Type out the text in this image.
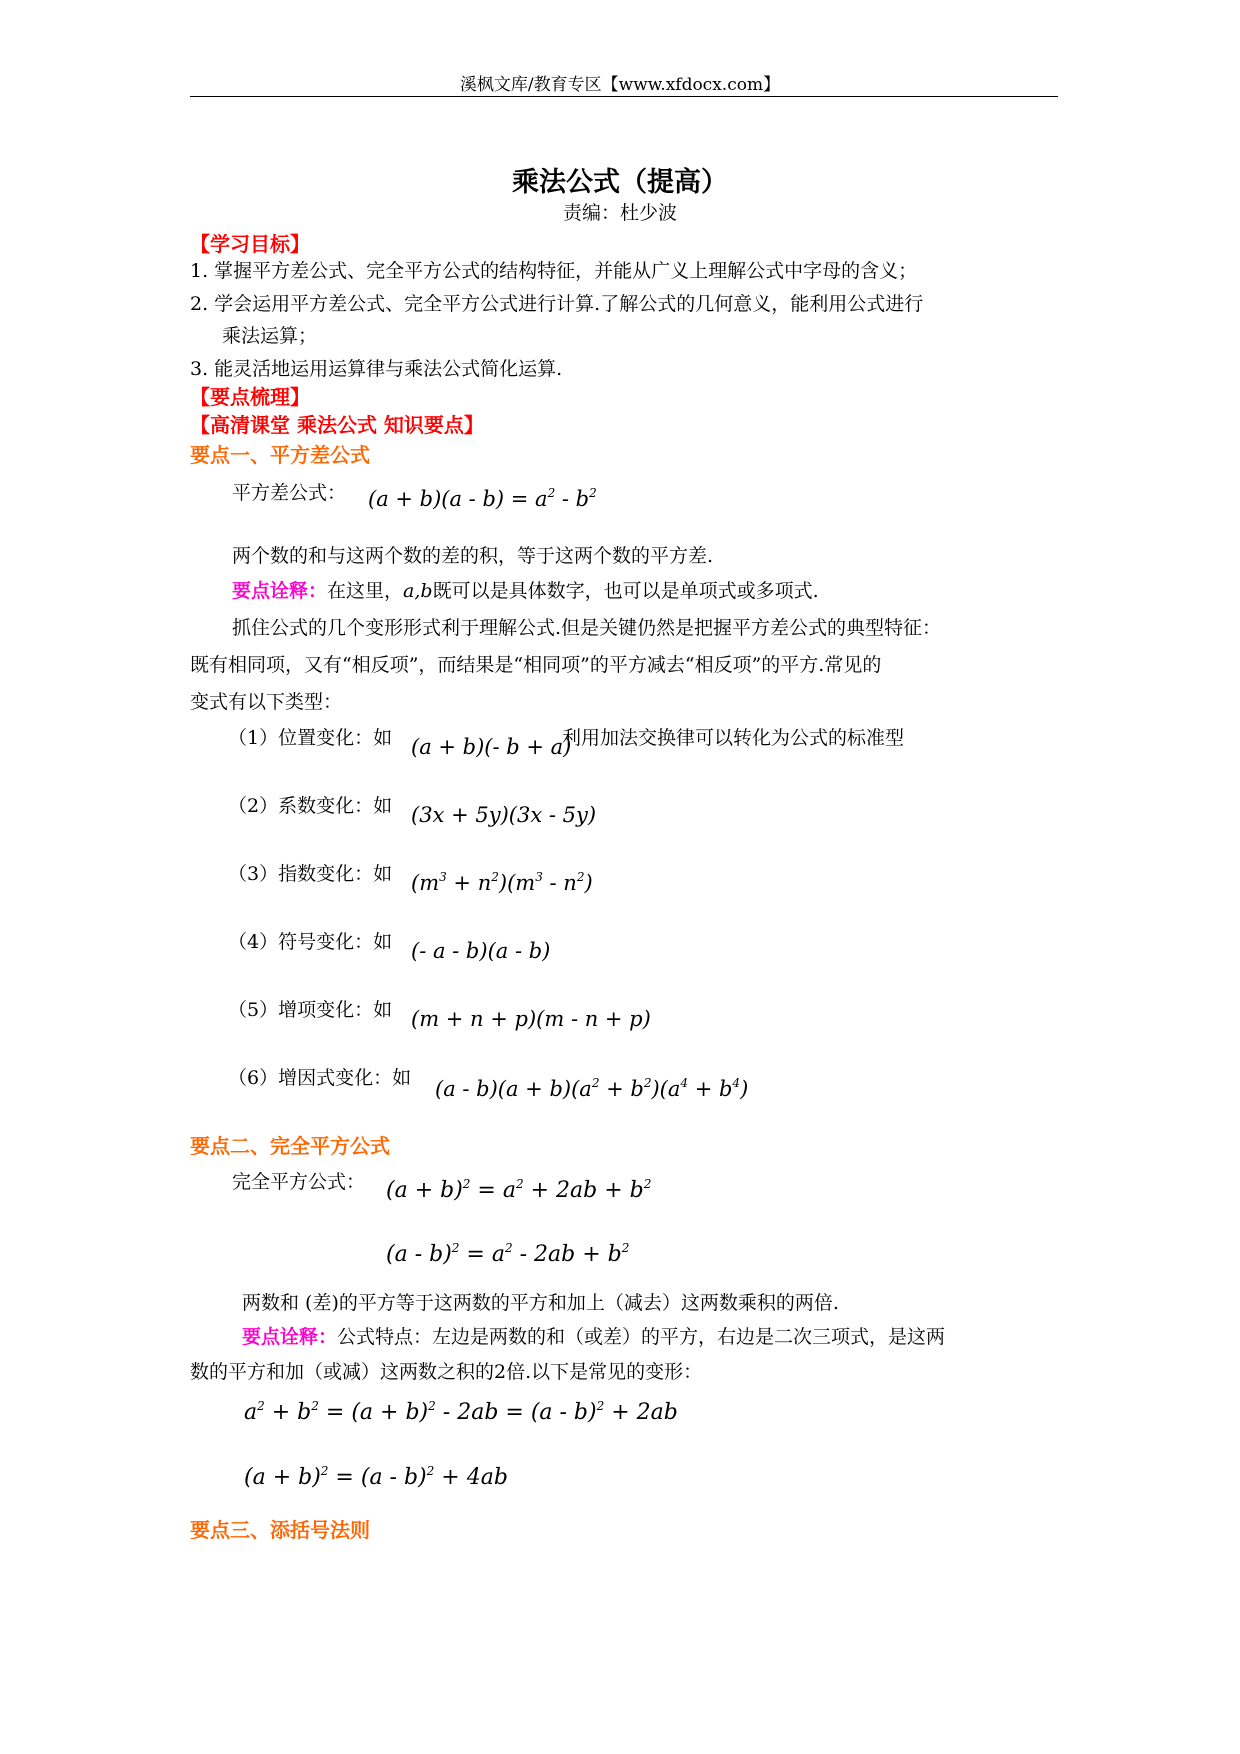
溪枫文库/教育专区【www.xfdocx.com】
乘法公式（提高）
责编：杜少波
【学习目标】
1. 掌握平方差公式、完全平方公式的结构特征，并能从广义上理解公式中字母的含义；
2. 学会运用平方差公式、完全平方公式进行计算.了解公式的几何意义，能利用公式进行
乘法运算；
3. 能灵活地运用运算律与乘法公式简化运算.
【要点梳理】
【高清课堂 乘法公式 知识要点】
要点一、平方差公式
平方差公式： $(a + b)(a - b) = a^2 - b^2$
两个数的和与这两个数的差的积，等于这两个数的平方差.
要点诠释：在这里，a,b既可以是具体数字，也可以是单项式或多项式.
抓住公式的几个变形形式利于理解公式.但是关键仍然是把握平方差公式的典型特征：
既有相同项，又有“相反项”，而结果是“相同项”的平方减去“相反项”的平方.常见的
变式有以下类型：
（1）位置变化：如 (a + b)(- b + a)
利用加法交换律可以转化为公式的标准型
（2）系数变化：如 (3x + 5y)(3x - 5y)
（3）指数变化：如 $(m^3 + n^2)(m^3 - n^2)$
（4）符号变化：如 (- a - b)(a - b)
（5）增项变化：如 (m + n + p)(m - n + p)
（6）增因式变化：如 $(a - b)(a + b)(a^2 + b^2)(a^4 + b^4)$
要点二、完全平方公式
完全平方公式： $(a + b)^2 = a^2 + 2ab + b^2$
$(a - b)^2 = a^2 - 2ab + b^2$
两数和 (差)的平方等于这两数的平方和加上（减去）这两数乘积的两倍.
要点诠释：公式特点：左边是两数的和（或差）的平方，右边是二次三项式，是这两
数的平方和加（或减）这两数之积的2倍.以下是常见的变形：
$a^2 + b^2 = (a + b)^2 - 2ab = (a - b)^2 + 2ab$
$(a + b)^2 = (a - b)^2 + 4ab$
要点三、添括号法则
